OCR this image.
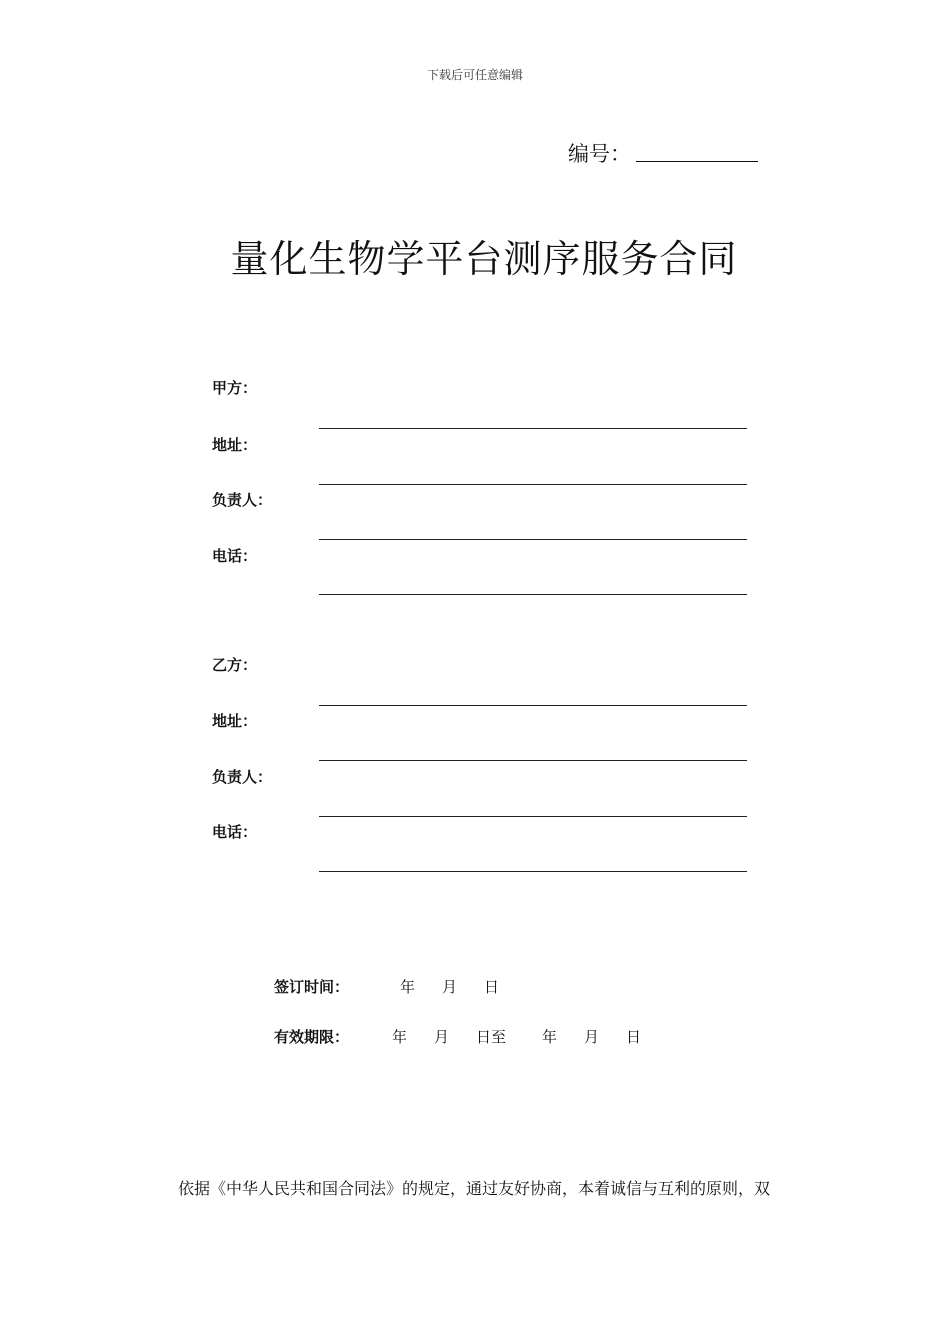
下载后可任意编辑
编号：
量化生物学平台测序服务合同
甲方：
地址：
负责人：
电话：
乙方：
地址：
负责人：
电话：
签订时间：	年 月 日
有效期限：	年 月 日至 年 月 日
依据《中华人民共和国合同法》的规定，通过友好协商，本着诚信与互利的原则，双
